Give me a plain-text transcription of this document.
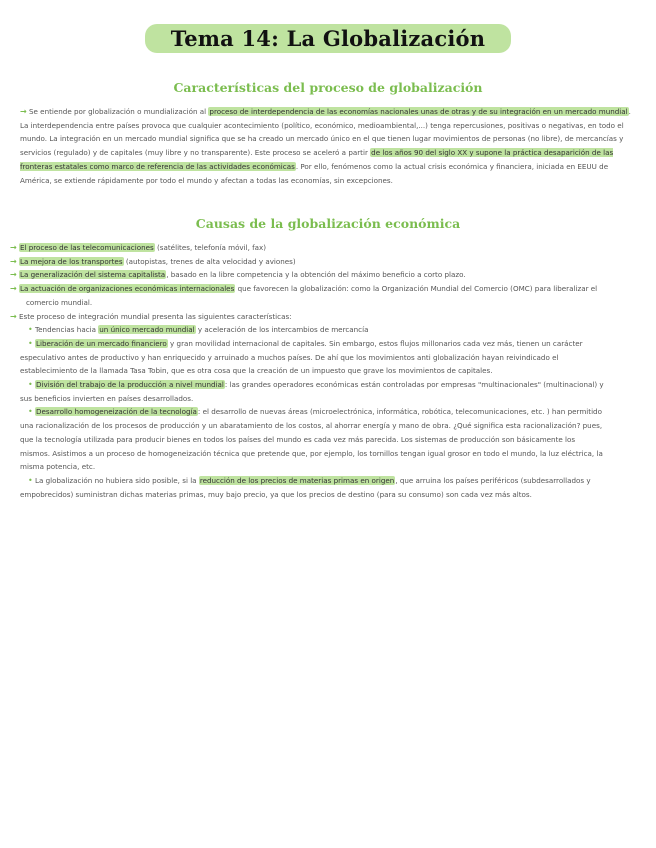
Tema 14: La Globalización
Características del proceso de globalización

→ Se entiende por globalización o mundialización al proceso de interdependencia de las economías nacionales unas de otras y de su integración en un mercado mundial. La interdependencia entre países provoca que cualquier acontecimiento (político, económico, medioambiental,...) tenga repercusiones, positivas o negativas, en todo el mundo. La integración en un mercado mundial significa que se ha creado un mercado único en el que tienen lugar movimientos de personas (no libre), de mercancías y servicios (regulado) y de capitales (muy libre y no transparente). Este proceso se aceleró a partir de los años 90 del siglo XX y supone la práctica desaparición de las fronteras estatales como marco de referencia de las actividades económicas. Por ello, fenómenos como la actual crisis económica y financiera, iniciada en EEUU de América, se extiende rápidamente por todo el mundo y afectan a todas las economías, sin excepciones.

Causas de la globalización económica
→ El proceso de las telecomunicaciones (satélites, telefonía móvil, fax)
→ La mejora de los transportes (autopistas, trenes de alta velocidad y aviones)
→ La generalización del sistema capitalista, basado en la libre competencia y la obtención del máximo beneficio a corto plazo.
→ La actuación de organizaciones económicas internacionales que favorecen la globalización: como la Organización Mundial del Comercio (OMC) para liberalizar el
comercio mundial.
→ Este proceso de integración mundial presenta las siguientes características:
• Tendencias hacia un único mercado mundial y aceleración de los intercambios de mercancía
• Liberación de un mercado financiero y gran movilidad internacional de capitales. Sin embargo, estos flujos millonarios cada vez más, tienen un carácter
especulativo antes de productivo y han enriquecido y arruinado a muchos países. De ahí que los movimientos anti globalización hayan reivindicado el
establecimiento de la llamada Tasa Tobin, que es otra cosa que la creación de un impuesto que grave los movimientos de capitales.
• División del trabajo de la producción a nivel mundial: las grandes operadores económicas están controladas por empresas "multinacionales" (multinacional) y
sus beneficios invierten en países desarrollados.
• Desarrollo homogeneización de la tecnología: el desarrollo de nuevas áreas (microelectrónica, informática, robótica, telecomunicaciones, etc. ) han permitido
una racionalización de los procesos de producción y un abaratamiento de los costos, al ahorrar energía y mano de obra. ¿Qué significa esta racionalización? pues,
que la tecnología utilizada para producir bienes en todos los países del mundo es cada vez más parecida. Los sistemas de producción son básicamente los
mismos. Asistimos a un proceso de homogeneización técnica que pretende que, por ejemplo, los tornillos tengan igual grosor en todo el mundo, la luz eléctrica, la
misma potencia, etc.
• La globalización no hubiera sido posible, si la reducción de los precios de materias primas en origen, que arruina los países periféricos (subdesarrollados y
empobrecidos) suministran dichas materias primas, muy bajo precio, ya que los precios de destino (para su consumo) son cada vez más altos.
